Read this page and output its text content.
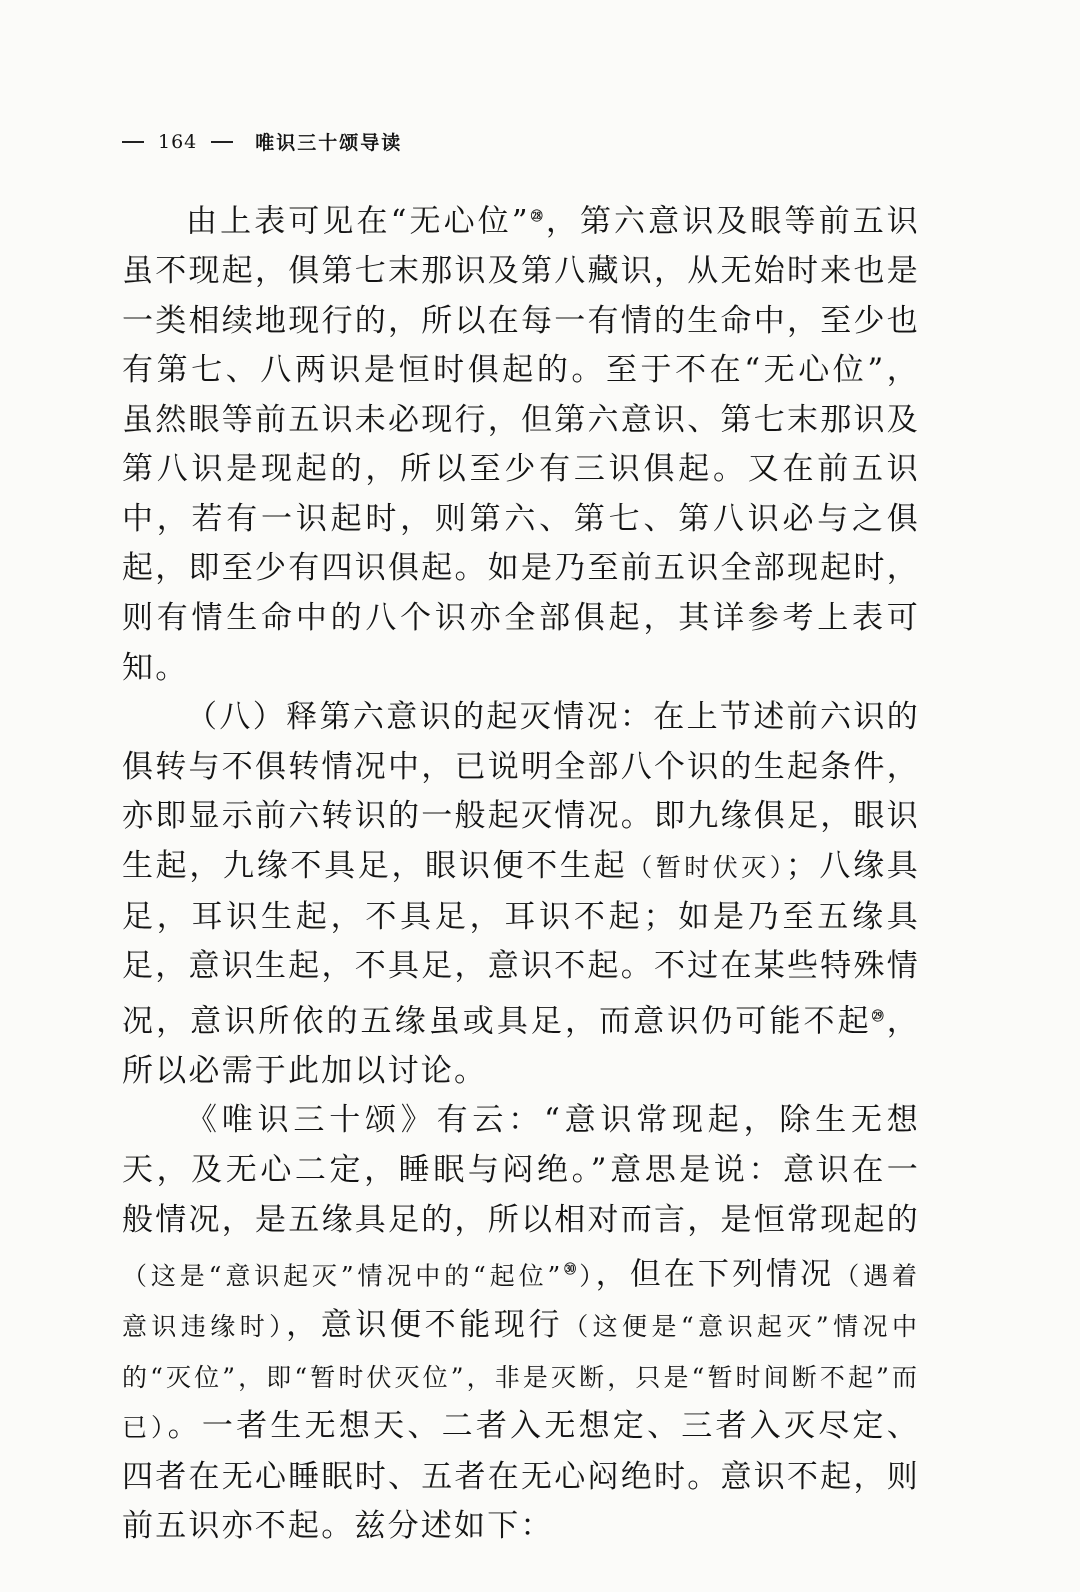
164	唯识三十颂导读

由上表可见在“无心位”$^㉘$，第六意识及眼等前五识虽不现起，俱第七末那识及第八藏识，从无始时来也是一类相续地现行的，所以在每一有情的生命中，至少也有第七、八两识是恒时俱起的。至于不在“无心位”，虽然眼等前五识未必现行，但第六意识、第七末那识及第八识是现起的，所以至少有三识俱起。又在前五识中，若有一识起时，则第六、第七、第八识必与之俱起，即至少有四识俱起。如是乃至前五识全部现起时，则有情生命中的八个识亦全部俱起，其详参考上表可知。

（八）释第六意识的起灭情况：在上节述前六识的俱转与不俱转情况中，已说明全部八个识的生起条件，亦即显示前六转识的一般起灭情况。即九缘俱足，眼识生起，九缘不具足，眼识便不生起（暂时伏灭）；八缘具足，耳识生起，不具足，耳识不起；如是乃至五缘具足，意识生起，不具足，意识不起。不过在某些特殊情况，意识所依的五缘虽或具足，而意识仍可能不起$^㉙$，所以必需于此加以讨论。

《唯识三十颂》有云：“意识常现起，除生无想天，及无心二定，睡眠与闷绝。”意思是说：意识在一般情况，是五缘具足的，所以相对而言，是恒常现起的（这是“意识起灭”情况中的“起位”$^㉚$），但在下列情况（遇着意识违缘时），意识便不能现行（这便是“意识起灭”情况中的“灭位”，即“暂时伏灭位”，非是灭断，只是“暂时间断不起”而已）。一者生无想天、二者入无想定、三者入灭尽定、四者在无心睡眠时、五者在无心闷绝时。意识不起，则前五识亦不起。兹分述如下：
